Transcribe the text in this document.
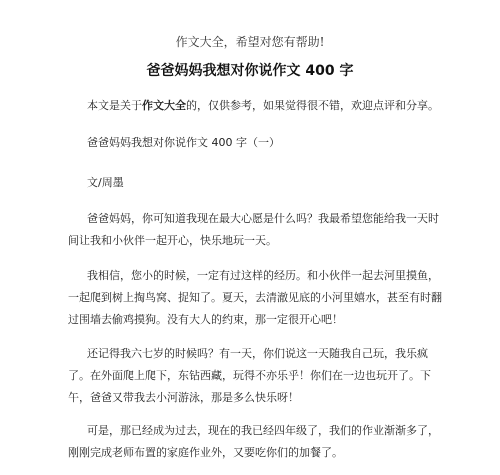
作文大全，希望对您有帮助!
爸爸妈妈我想对你说作文 400 字

本文是关于作文大全的，仅供参考，如果觉得很不错，欢迎点评和分享。

爸爸妈妈我想对你说作文 400 字（一）

文/周墨

爸爸妈妈，你可知道我现在最大心愿是什么吗？我最希望您能给我一天时间让我和小伙伴一起开心，快乐地玩一天。

我相信，您小的时候，一定有过这样的经历。和小伙伴一起去河里摸鱼，一起爬到树上掏鸟窝、捉知了。夏天，去清澈见底的小河里嬉水，甚至有时翻过围墙去偷鸡摸狗。没有大人的约束，那一定很开心吧！

还记得我六七岁的时候吗？有一天，你们说这一天随我自己玩，我乐疯了。在外面爬上爬下，东钻西藏，玩得不亦乐乎！你们在一边也玩开了。下午，爸爸又带我去小河游泳，那是多么快乐呀！

可是，那已经成为过去，现在的我已经四年级了，我们的作业渐渐多了，刚刚完成老师布置的家庭作业外，又要吃你们的加餐了。
